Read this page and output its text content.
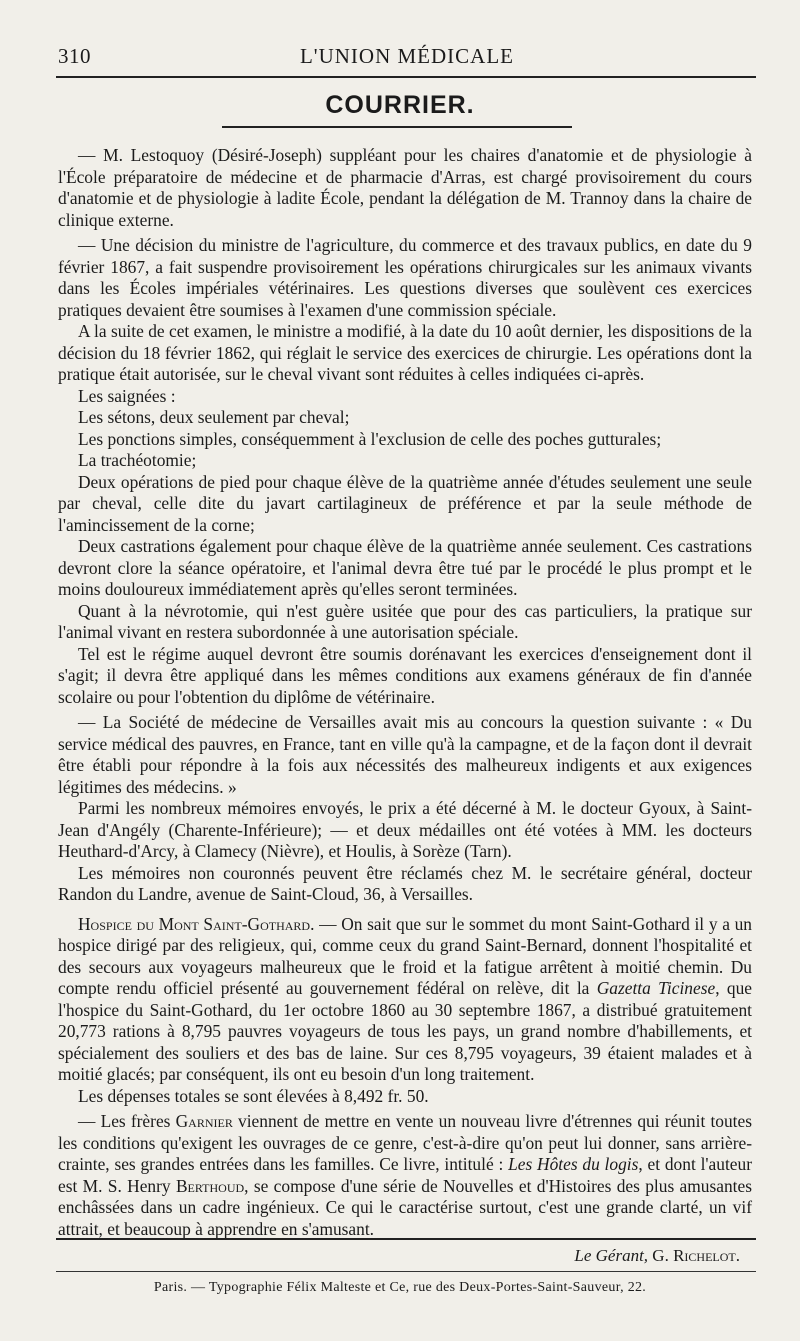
310	L'UNION MÉDICALE
COURRIER.

— M. Lestoquoy (Désiré-Joseph) suppléant pour les chaires d'anatomie et de physiologie à l'École préparatoire de médecine et de pharmacie d'Arras, est chargé provisoirement du cours d'anatomie et de physiologie à ladite École, pendant la délégation de M. Trannoy dans la chaire de clinique externe.

— Une décision du ministre de l'agriculture, du commerce et des travaux publics, en date du 9 février 1867, a fait suspendre provisoirement les opérations chirurgicales sur les animaux vivants dans les Écoles impériales vétérinaires. Les questions diverses que soulèvent ces exercices pratiques devaient être soumises à l'examen d'une commission spéciale.

A la suite de cet examen, le ministre a modifié, à la date du 10 août dernier, les dispositions de la décision du 18 février 1862, qui réglait le service des exercices de chirurgie. Les opérations dont la pratique était autorisée, sur le cheval vivant sont réduites à celles indiquées ci-après.

Les saignées :

Les sétons, deux seulement par cheval;

Les ponctions simples, conséquemment à l'exclusion de celle des poches gutturales;

La trachéotomie;

Deux opérations de pied pour chaque élève de la quatrième année d'études seulement une seule par cheval, celle dite du javart cartilagineux de préférence et par la seule méthode de l'amincissement de la corne;

Deux castrations également pour chaque élève de la quatrième année seulement. Ces castrations devront clore la séance opératoire, et l'animal devra être tué par le procédé le plus prompt et le moins douloureux immédiatement après qu'elles seront terminées.

Quant à la névrotomie, qui n'est guère usitée que pour des cas particuliers, la pratique sur l'animal vivant en restera subordonnée à une autorisation spéciale.

Tel est le régime auquel devront être soumis dorénavant les exercices d'enseignement dont il s'agit; il devra être appliqué dans les mêmes conditions aux examens généraux de fin d'année scolaire ou pour l'obtention du diplôme de vétérinaire.

— La Société de médecine de Versailles avait mis au concours la question suivante : « Du service médical des pauvres, en France, tant en ville qu'à la campagne, et de la façon dont il devrait être établi pour répondre à la fois aux nécessités des malheureux indigents et aux exigences légitimes des médecins. »

Parmi les nombreux mémoires envoyés, le prix a été décerné à M. le docteur Gyoux, à Saint-Jean d'Angély (Charente-Inférieure); — et deux médailles ont été votées à MM. les docteurs Heuthard-d'Arcy, à Clamecy (Nièvre), et Houlis, à Sorèze (Tarn).

Les mémoires non couronnés peuvent être réclamés chez M. le secrétaire général, docteur Randon du Landre, avenue de Saint-Cloud, 36, à Versailles.

Hospice du Mont Saint-Gothard. — On sait que sur le sommet du mont Saint-Gothard il y a un hospice dirigé par des religieux, qui, comme ceux du grand Saint-Bernard, donnent l'hospitalité et des secours aux voyageurs malheureux que le froid et la fatigue arrêtent à moitié chemin. Du compte rendu officiel présenté au gouvernement fédéral on relève, dit la Gazetta Ticinese, que l'hospice du Saint-Gothard, du 1er octobre 1860 au 30 septembre 1867, a distribué gratuitement 20,773 rations à 8,795 pauvres voyageurs de tous les pays, un grand nombre d'habillements, et spécialement des souliers et des bas de laine. Sur ces 8,795 voyageurs, 39 étaient malades et à moitié glacés; par conséquent, ils ont eu besoin d'un long traitement.

Les dépenses totales se sont élevées à 8,492 fr. 50.

— Les frères Garnier viennent de mettre en vente un nouveau livre d'étrennes qui réunit toutes les conditions qu'exigent les ouvrages de ce genre, c'est-à-dire qu'on peut lui donner, sans arrière-crainte, ses grandes entrées dans les familles. Ce livre, intitulé : Les Hôtes du logis, et dont l'auteur est M. S. Henry Berthoud, se compose d'une série de Nouvelles et d'Histoires des plus amusantes enchâssées dans un cadre ingénieux. Ce qui le caractérise surtout, c'est une grande clarté, un vif attrait, et beaucoup à apprendre en s'amusant.

Le Gérant, G. Richelot.
Paris. — Typographie Félix Malteste et Ce, rue des Deux-Portes-Saint-Sauveur, 22.
